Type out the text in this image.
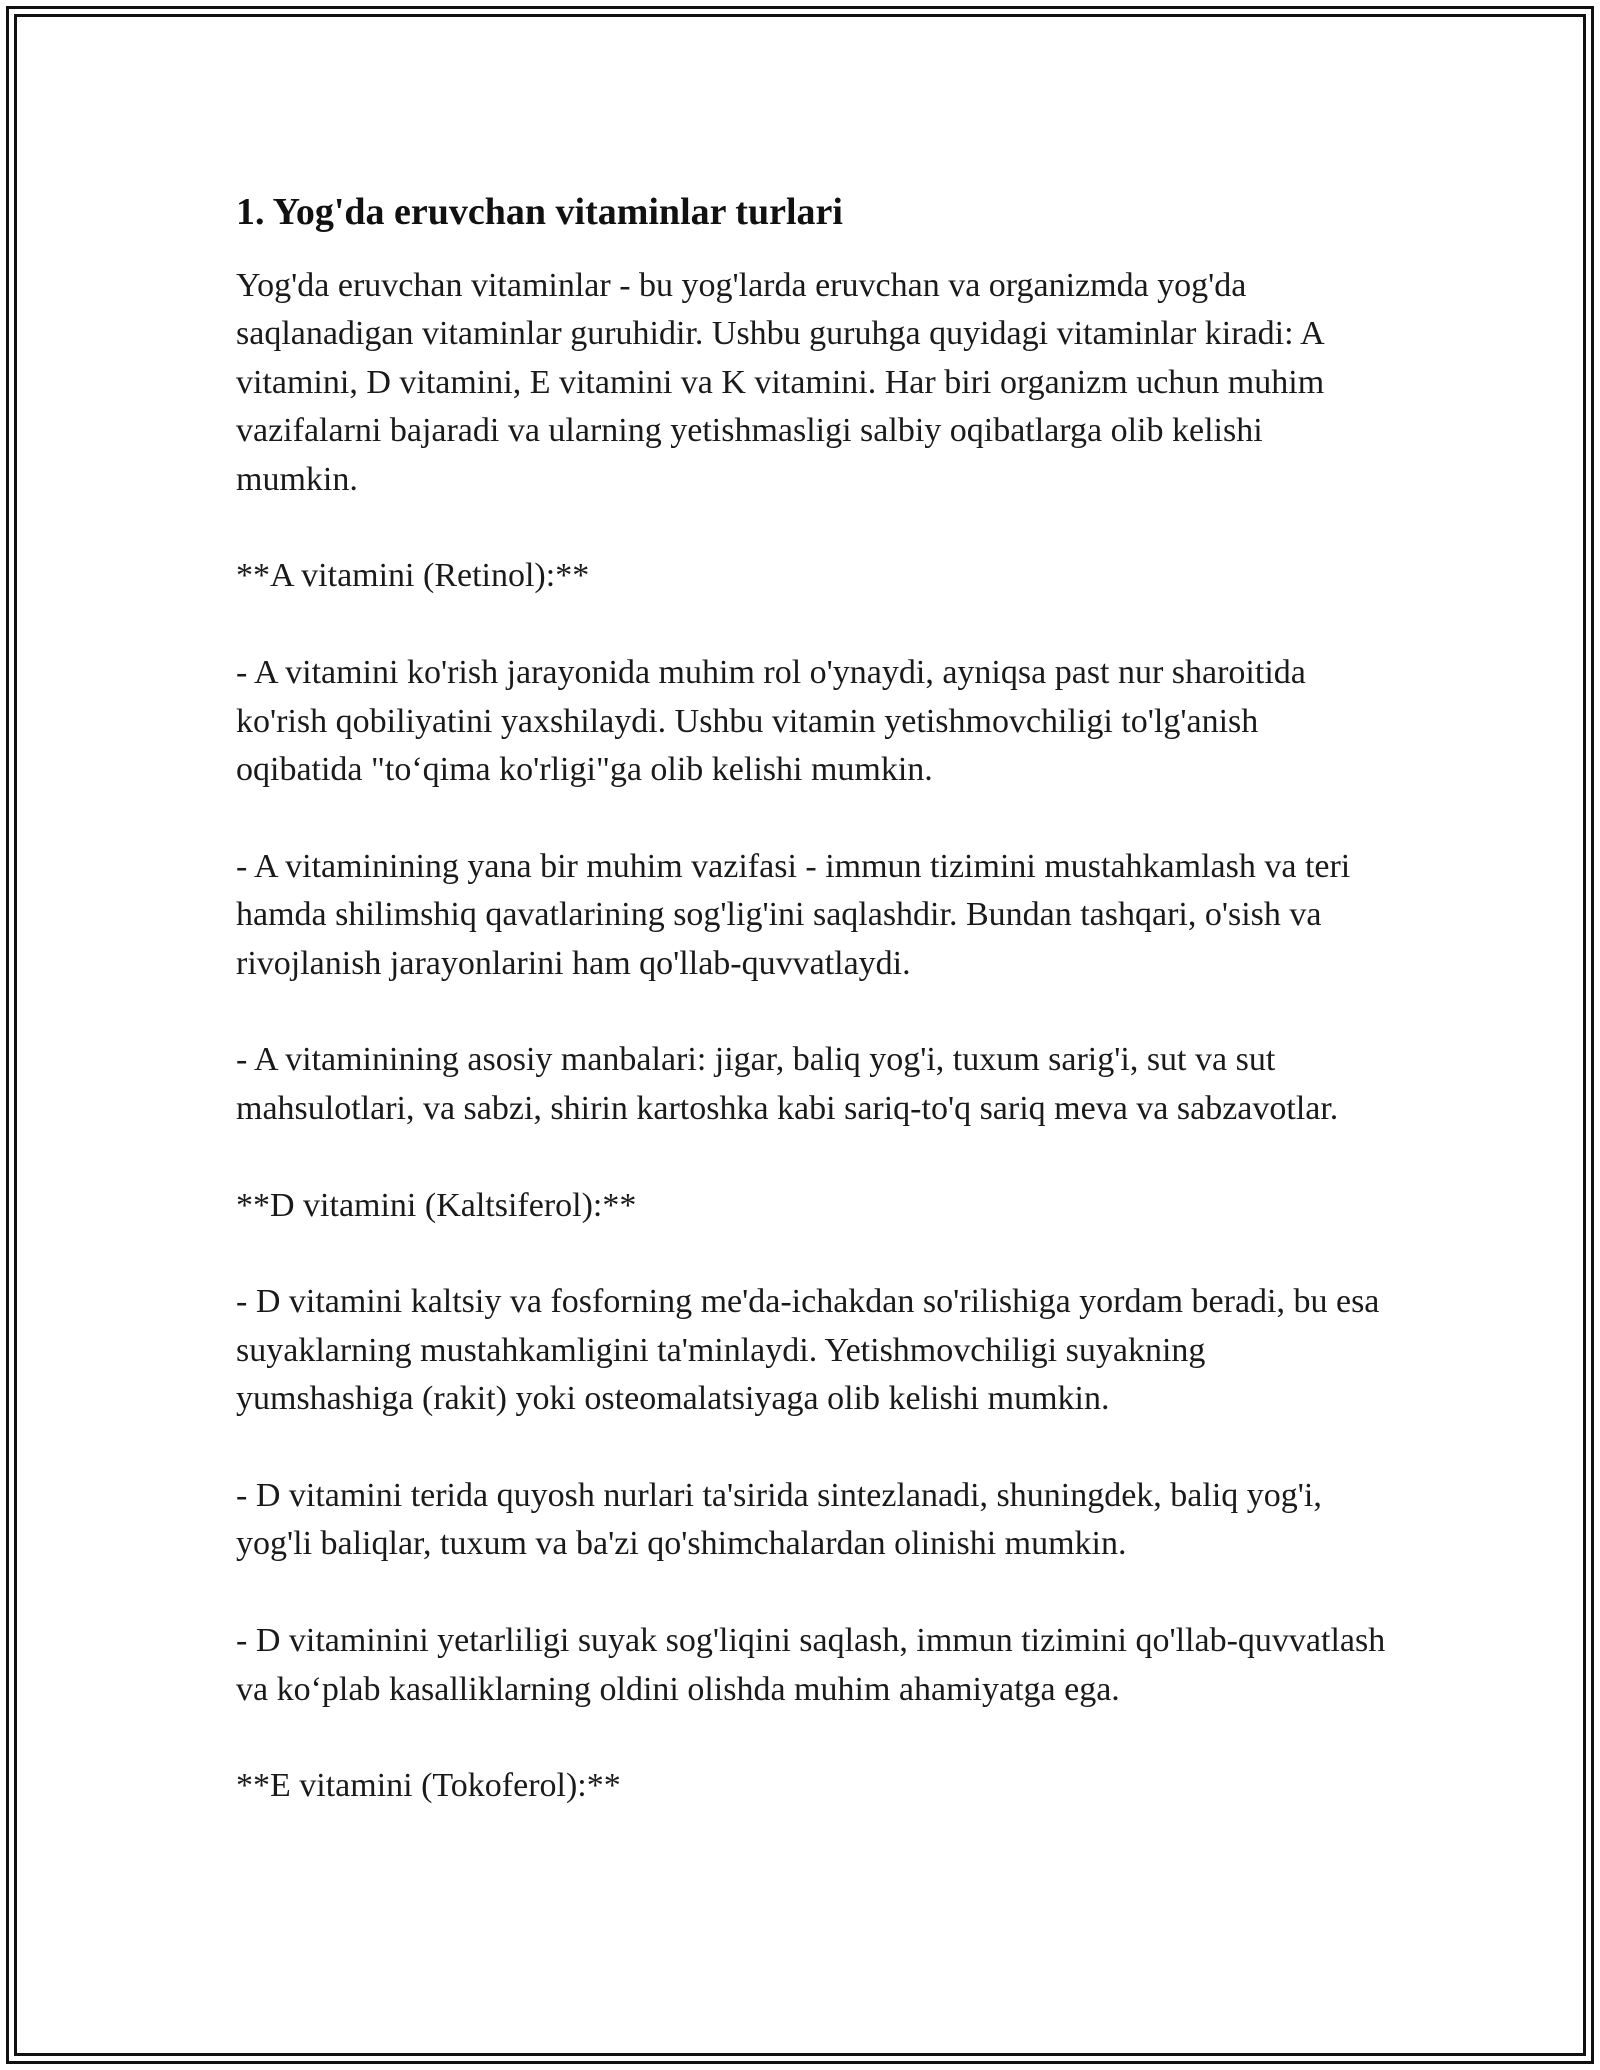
1. Yog'da eruvchan vitaminlar turlari

Yog'da eruvchan vitaminlar - bu yog'larda eruvchan va organizmda yog'da saqlanadigan vitaminlar guruhidir. Ushbu guruhga quyidagi vitaminlar kiradi: A vitamini, D vitamini, E vitamini va K vitamini. Har biri organizm uchun muhim vazifalarni bajaradi va ularning yetishmasligi salbiy oqibatlarga olib kelishi mumkin.

**A vitamini (Retinol):**

- A vitamini ko'rish jarayonida muhim rol o'ynaydi, ayniqsa past nur sharoitida ko'rish qobiliyatini yaxshilaydi. Ushbu vitamin yetishmovchiligi to'lg'anish oqibatida "to‘qima ko'rligi"ga olib kelishi mumkin.

- A vitaminining yana bir muhim vazifasi - immun tizimini mustahkamlash va teri hamda shilimshiq qavatlarining sog'lig'ini saqlashdir. Bundan tashqari, o'sish va rivojlanish jarayonlarini ham qo'llab-quvvatlaydi.

- A vitaminining asosiy manbalari: jigar, baliq yog'i, tuxum sarig'i, sut va sut mahsulotlari, va sabzi, shirin kartoshka kabi sariq-to'q sariq meva va sabzavotlar.

**D vitamini (Kaltsiferol):**

- D vitamini kaltsiy va fosforning me'da-ichakdan so'rilishiga yordam beradi, bu esa suyaklarning mustahkamligini ta'minlaydi. Yetishmovchiligi suyakning yumshashiga (rakit) yoki osteomalatsiyaga olib kelishi mumkin.

- D vitamini terida quyosh nurlari ta'sirida sintezlanadi, shuningdek, baliq yog'i, yog'li baliqlar, tuxum va ba'zi qo'shimchalardan olinishi mumkin.

- D vitaminini yetarliligi suyak sog'liqini saqlash, immun tizimini qo'llab-quvvatlash va ko‘plab kasalliklarning oldini olishda muhim ahamiyatga ega.

**E vitamini (Tokoferol):**
